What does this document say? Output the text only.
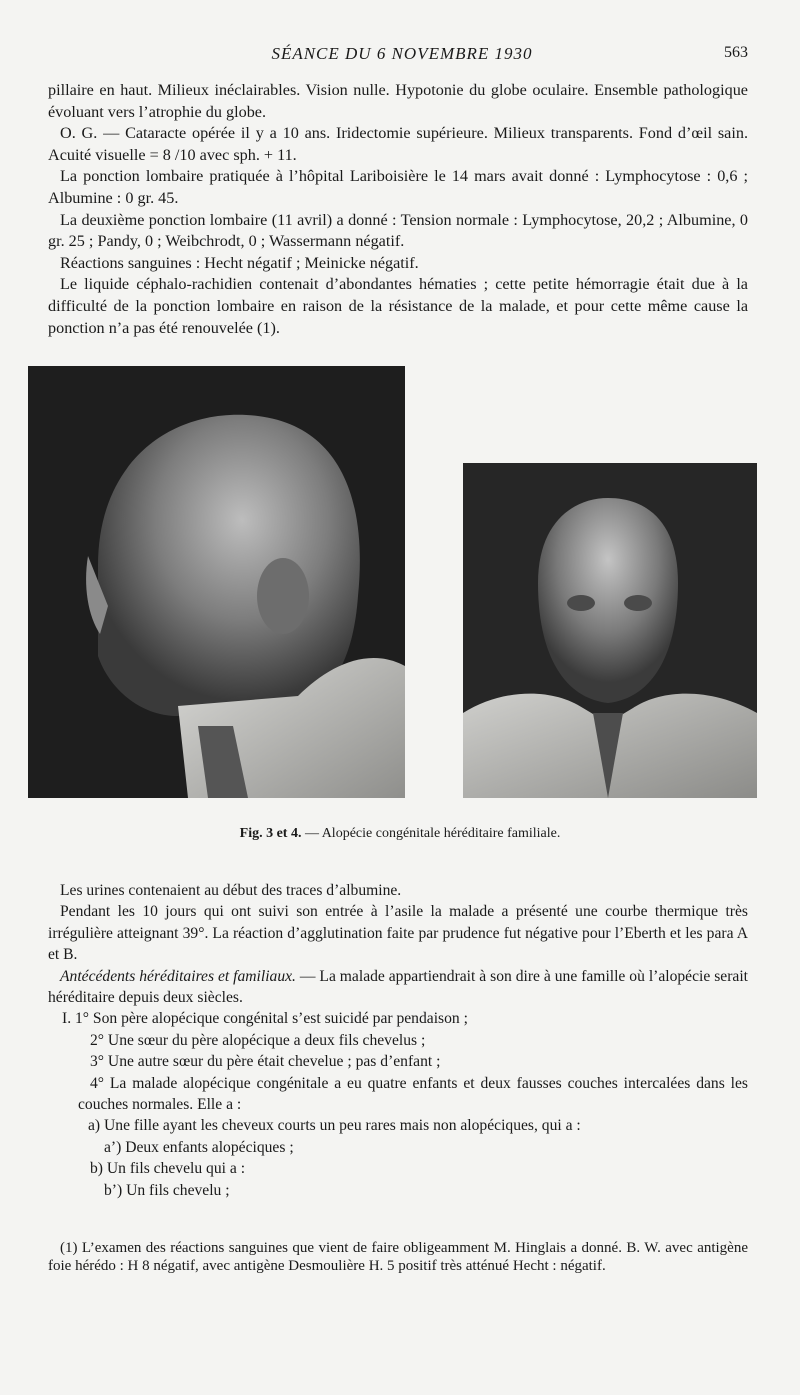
SÉANCE DU 6 NOVEMBRE 1930	563

pillaire en haut. Milieux inéclairables. Vision nulle. Hypotonie du globe oculaire. Ensemble pathologique évoluant vers l’atrophie du globe.

O. G. — Cataracte opérée il y a 10 ans. Iridectomie supérieure. Milieux transparents. Fond d’œil sain. Acuité visuelle = 8 /10 avec sph. + 11.

La ponction lombaire pratiquée à l’hôpital Lariboisière le 14 mars avait donné : Lymphocytose : 0,6 ; Albumine : 0 gr. 45.

La deuxième ponction lombaire (11 avril) a donné : Tension normale : Lymphocytose, 20,2 ; Albumine, 0 gr. 25 ; Pandy, 0 ; Weibchrodt, 0 ; Wassermann négatif.

Réactions sanguines : Hecht négatif ; Meinicke négatif.

Le liquide céphalo-rachidien contenait d’abondantes hématies ; cette petite hémorragie était due à la difficulté de la ponction lombaire en raison de la résistance de la malade, et pour cette même cause la ponction n’a pas été renouvelée (1).

Fig. 3 et 4. — Alopécie congénitale héréditaire familiale.

Les urines contenaient au début des traces d’albumine.

Pendant les 10 jours qui ont suivi son entrée à l’asile la malade a présenté une courbe thermique très irrégulière atteignant 39°. La réaction d’agglutination faite par prudence fut négative pour l’Eberth et les para A et B.

Antécédents héréditaires et familiaux. — La malade appartiendrait à son dire à une famille où l’alopécie serait héréditaire depuis deux siècles.

I. 1° Son père alopécique congénital s’est suicidé par pendaison ;

2° Une sœur du père alopécique a deux fils chevelus ;

3° Une autre sœur du père était chevelue ; pas d’enfant ;

4° La malade alopécique congénitale a eu quatre enfants et deux fausses couches intercalées dans les couches normales. Elle a :

a) Une fille ayant les cheveux courts un peu rares mais non alopéciques, qui a :

a’) Deux enfants alopéciques ;

b) Un fils chevelu qui a :

b’) Un fils chevelu ;

(1) L’examen des réactions sanguines que vient de faire obligeamment M. Hinglais a donné. B. W. avec antigène foie hérédo : H 8 négatif, avec antigène Desmoulière H. 5 positif très atténué Hecht : négatif.
